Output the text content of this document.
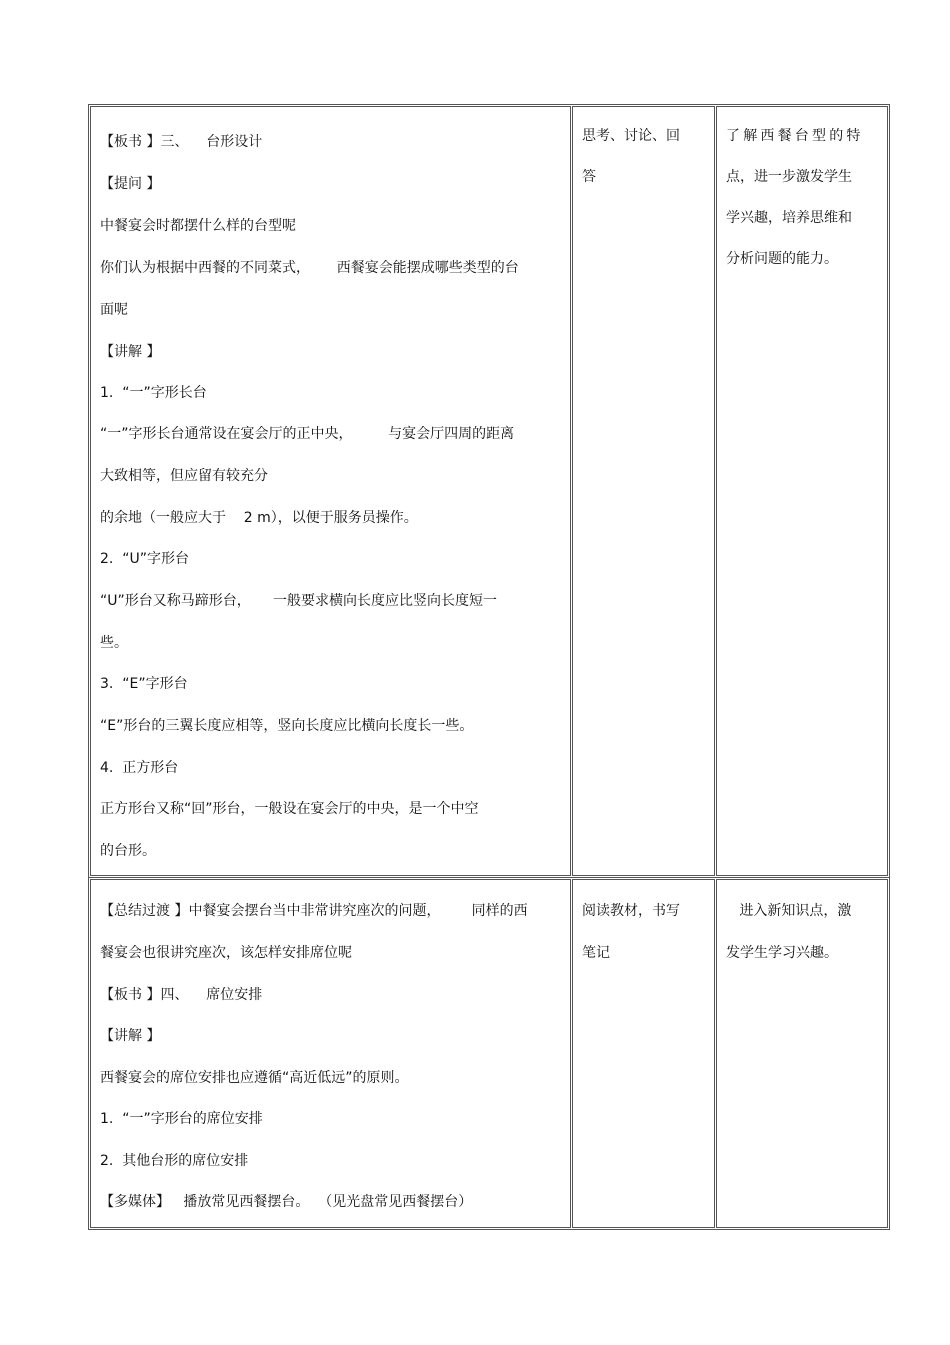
【板书 】三、    台形设计
【提问 】
中餐宴会时都摆什么样的台型呢
你们认为根据中西餐的不同菜式，      西餐宴会能摆成哪些类型的台
面呢
【讲解 】
1.  “一”字形长台
“一”字形长台通常设在宴会厅的正中央，        与宴会厅四周的距离
大致相等，但应留有较充分
的余地（一般应大于    2 m），以便于服务员操作。
2.  “U”字形台
“U”形台又称马蹄形台，     一般要求横向长度应比竖向长度短一
些。
3.  “E”字形台
“E”形台的三翼长度应相等，竖向长度应比横向长度长一些。
4.  正方形台
正方形台又称“回”形台，一般设在宴会厅的中央，是一个中空
的台形。
思考、讨论、回
答
了解西餐台型的特
点，进一步激发学生
学兴趣，培养思维和
分析问题的能力。
【总结过渡 】中餐宴会摆台当中非常讲究座次的问题，       同样的西
餐宴会也很讲究座次，该怎样安排席位呢
【板书 】四、    席位安排
【讲解 】
西餐宴会的席位安排也应遵循“高近低远”的原则。
1.  “一”字形台的席位安排
2.  其他台形的席位安排
【多媒体】   播放常见西餐摆台。  （见光盘常见西餐摆台）
阅读教材，书写
笔记
进入新知识点，激
发学生学习兴趣。
